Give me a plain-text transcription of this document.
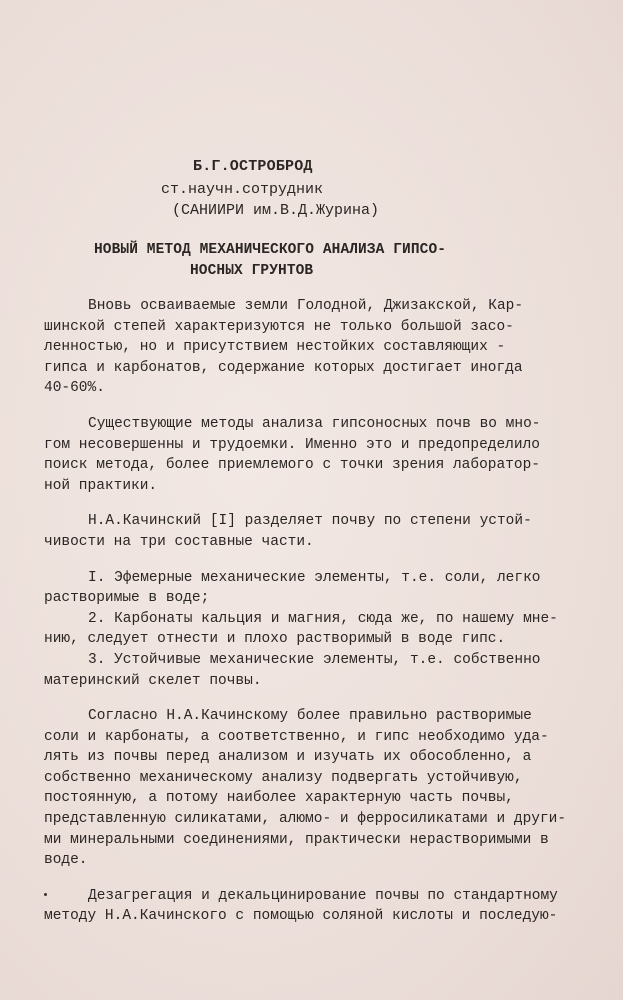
Б.Г.ОСТРОБРОД
ст.научн.сотрудник
(САНИИРИ им.В.Д.Журина)
НОВЫЙ МЕТОД МЕХАНИЧЕСКОГО АНАЛИЗА ГИПСО-
НОСНЫХ ГРУНТОВ
Вновь осваиваемые земли Голодной, Джизакской, Кар-
шинской степей характеризуются не только большой засо-
ленностью, но и присутствием нестойких составляющих -
гипса и карбонатов, содержание которых достигает иногда
40-60%.
Существующие методы анализа гипсоносных почв во мно-
гом несовершенны и трудоемки. Именно это и предопределило
поиск метода, более приемлемого с точки зрения лаборатор-
ной практики.
Н.А.Качинский [I] разделяет почву по степени устой-
чивости на три составные части.
I. Эфемерные механические элементы, т.е. соли, легко
растворимые в воде;
2. Карбонаты кальция и магния, сюда же, по нашему мне-
нию, следует отнести и плохо растворимый в воде гипс.
3. Устойчивые механические элементы, т.е. собственно
материнский скелет почвы.
Согласно Н.А.Качинскому более правильно растворимые
соли и карбонаты, а соответственно, и гипс необходимо уда-
лять из почвы перед анализом и изучать их обособленно, а
собственно механическому анализу подвергать устойчивую,
постоянную, а потому наиболее характерную часть почвы,
представленную силикатами, алюмо- и ферросиликатами и други-
ми минеральными соединениями, практически нерастворимыми в
воде.
Дезагрегация и декальцинирование почвы по стандартному
методу Н.А.Качинского с помощью соляной кислоты и последую-
